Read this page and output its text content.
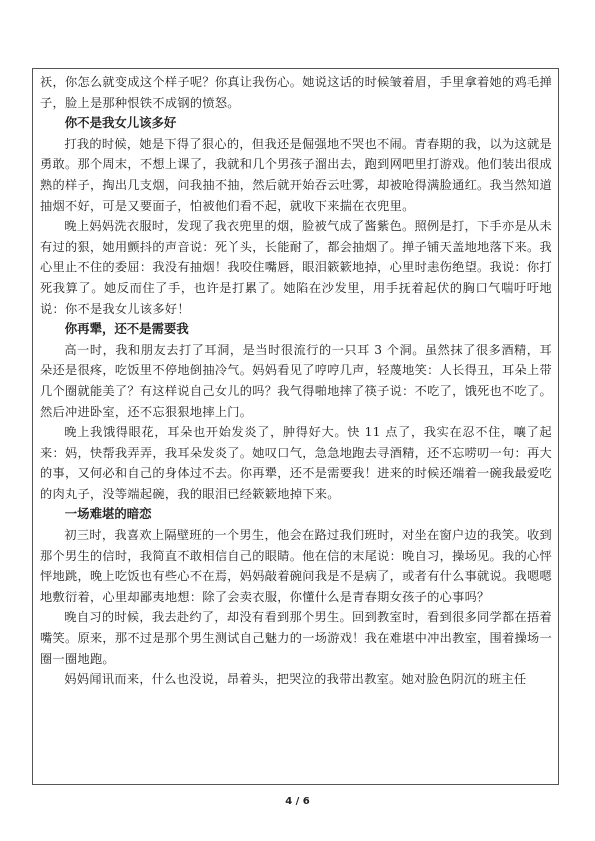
祆，你怎么就变成这个样子呢？你真让我伤心。她说这话的时候皱着眉，手里拿着她的鸡毛掸子，脸上是那种恨铁不成钢的愤怒。

你不是我女儿该多好

打我的时候，她是下得了狠心的，但我还是倔强地不哭也不闹。青春期的我，以为这就是勇敢。那个周末，不想上课了，我就和几个男孩子溜出去，跑到网吧里打游戏。他们装出很成熟的样子，掏出几支烟，问我抽不抽，然后就开始吞云吐雾，却被呛得满脸通红。我当然知道抽烟不好，可是又要面子，怕被他们看不起，就收下来揣在衣兜里。

晚上妈妈洗衣服时，发现了我衣兜里的烟，脸被气成了酱紫色。照例是打，下手亦是从未有过的狠，她用颤抖的声音说：死丫头，长能耐了，都会抽烟了。掸子铺天盖地地落下来。我心里止不住的委屈：我没有抽烟！我咬住嘴唇，眼泪簌簌地掉，心里时恚伤绝望。我说：你打死我算了。她反而住了手，也许是打累了。她陷在沙发里，用手抚着起伏的胸口气喘吁吁地说：你不是我女儿该多好！

你再犟，还不是需要我

高一时，我和朋友去打了耳洞，是当时很流行的一只耳 3 个洞。虽然抹了很多酒精，耳朵还是很疼，吃饭里不停地倒抽冷气。妈妈看见了哼哼几声，轻蔑地笑：人长得丑，耳朵上带几个圈就能美了？有这样说自己女儿的吗？我气得啪地摔了筷子说：不吃了，饿死也不吃了。然后冲进卧室，还不忘狠狠地摔上门。

晚上我饿得眼花，耳朵也开始发炎了，肿得好大。快 11 点了，我实在忍不住，嚷了起来：妈，快帮我弄弄，我耳朵发炎了。她叹口气，急急地跑去寻酒精，还不忘唠叨一句：再大的事，又何必和自己的身体过不去。你再犟，还不是需要我！进来的时候还端着一碗我最爱吃的肉丸子，没等端起碗，我的眼泪已经簌簌地掉下来。

一场难堪的暗恋

初三时，我喜欢上隔壁班的一个男生，他会在路过我们班时，对坐在窗户边的我笑。收到那个男生的信时，我简直不敢相信自己的眼睛。他在信的末尾说：晚自习，操场见。我的心怦怦地跳，晚上吃饭也有些心不在焉，妈妈敲着碗问我是不是病了，或者有什么事就说。我嗯嗯地敷衍着，心里却鄙夷地想：除了会卖衣服，你懂什么是青春期女孩子的心事吗？

晚自习的时候，我去赴约了，却没有看到那个男生。回到教室时，看到很多同学都在捂着嘴笑。原来，那不过是那个男生测试自己魅力的一场游戏！我在难堪中冲出教室，围着操场一圈一圈地跑。

妈妈闻讯而来，什么也没说，昂着头，把哭泣的我带出教室。她对脸色阴沉的班主任

4 / 6
